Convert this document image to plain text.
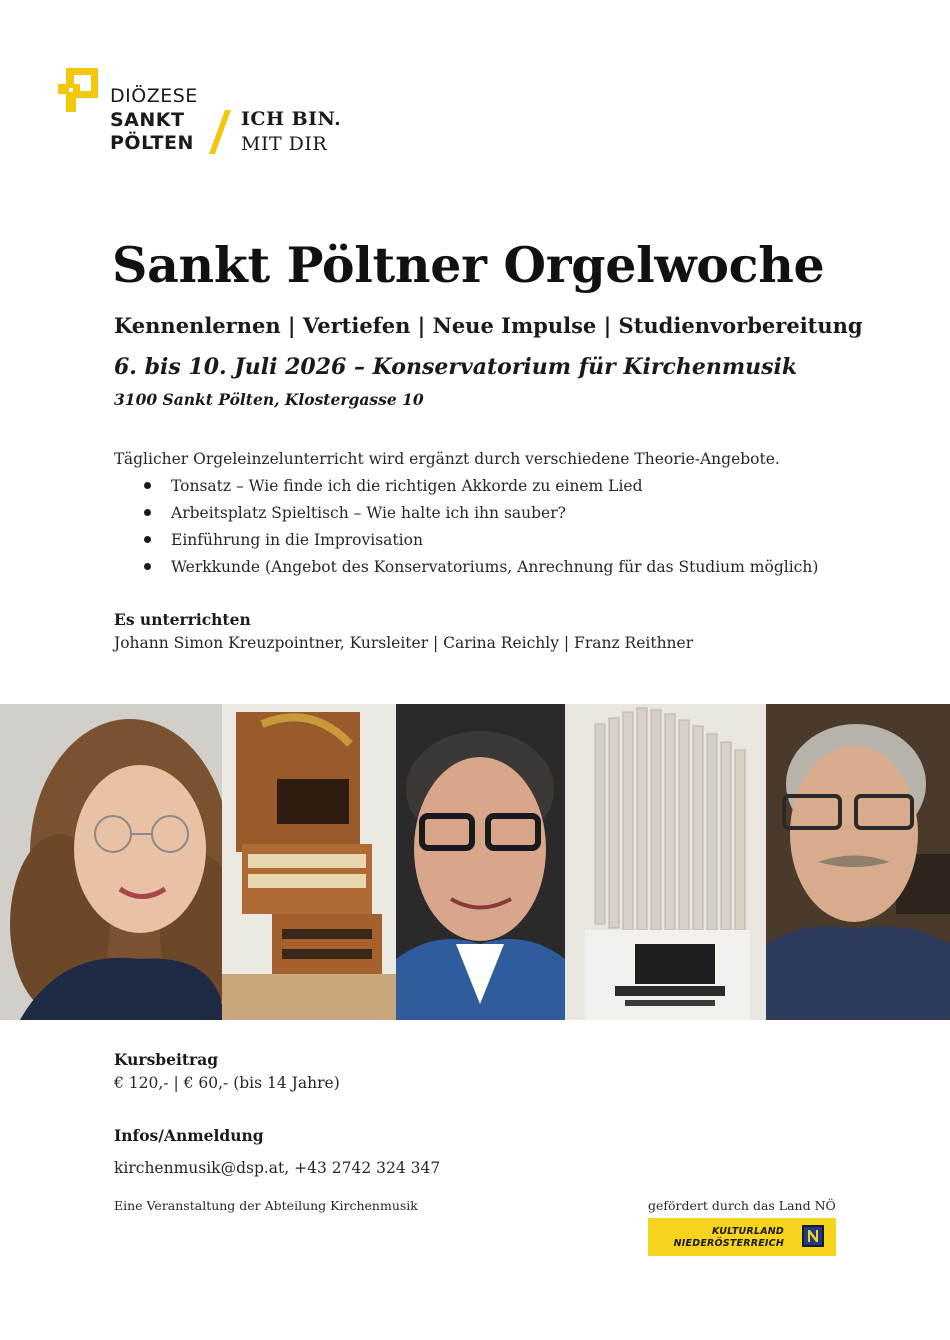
DIÖZESE
SANKT
PÖLTEN
ICH BIN.
MIT DIR
Sankt Pöltner Orgelwoche
Kennenlernen | Vertiefen | Neue Impulse | Studienvorbereitung
6. bis 10. Juli 2026 – Konservatorium für Kirchenmusik
3100 Sankt Pölten, Klostergasse 10
Täglicher Orgeleinzelunterricht wird ergänzt durch verschiedene Theorie-Angebote.
Tonsatz – Wie finde ich die richtigen Akkorde zu einem Lied
Arbeitsplatz Spieltisch – Wie halte ich ihn sauber?
Einführung in die Improvisation
Werkkunde (Angebot des Konservatoriums, Anrechnung für das Studium möglich)
Es unterrichten
Johann Simon Kreuzpointner, Kursleiter | Carina Reichly | Franz Reithner
Kursbeitrag
€ 120,- | € 60,- (bis 14 Jahre)
Infos/Anmeldung
kirchenmusik@dsp.at, +43 2742 324 347
Eine Veranstaltung der Abteilung Kirchenmusik	gefördert durch das Land NÖ
KULTURLAND
NIEDERÖSTERREICH
